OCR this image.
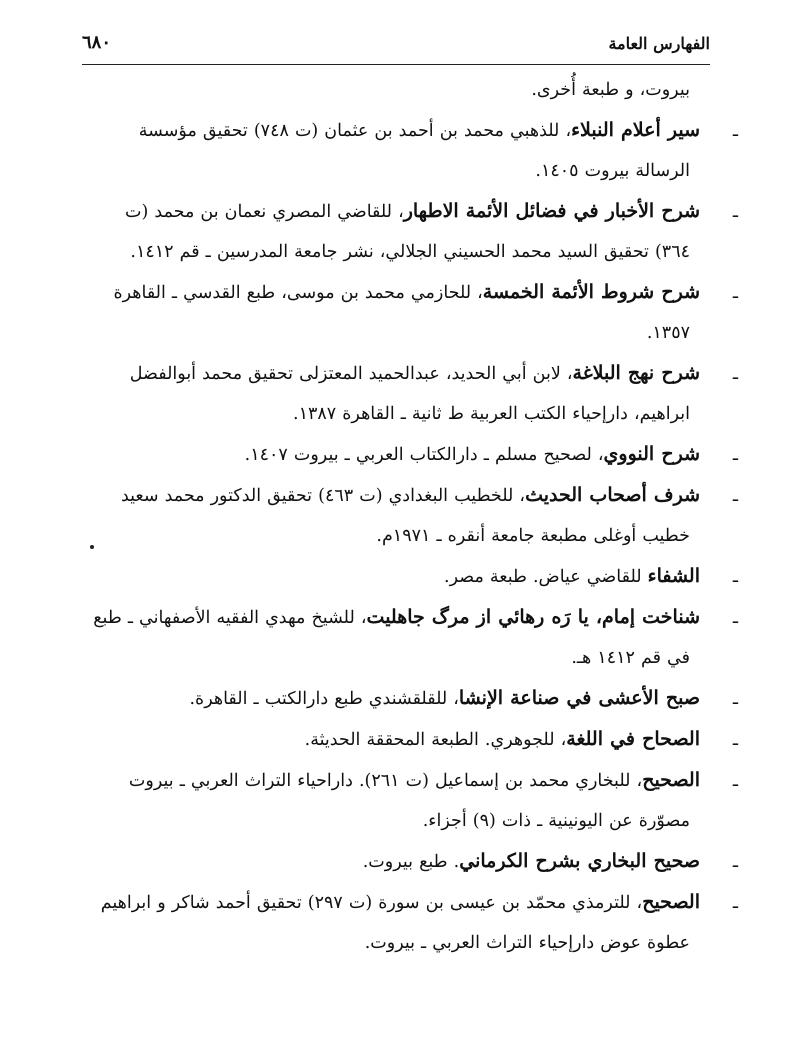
الفهارس العامة
٦٨٠
بيروت، و طبعة أُخرى.
ـسير أعلام النبلاء، للذهبي محمد بن أحمد بن عثمان (ت ٧٤٨) تحقيق مؤسسة الرسالة بيروت ١٤٠٥.
ـشرح الأخبار في فضائل الأئمة الاطهار، للقاضي المصري نعمان بن محمد (ت ٣٦٤) تحقيق السيد محمد الحسيني الجلالي، نشر جامعة المدرسين ـ قم ١٤١٢.
ـشرح شروط الأئمة الخمسة، للحازمي محمد بن موسى، طبع القدسي ـ القاهرة ١٣٥٧.
ـشرح نهج البلاغة، لابن أبي الحديد، عبدالحميد المعتزلى تحقيق محمد أبوالفضل ابراهيم، دارإحياء الكتب العربية ط ثانية ـ القاهرة ١٣٨٧.
ـشرح النووي، لصحيح مسلم ـ دارالكتاب العربي ـ بيروت ١٤٠٧.
ـشرف أصحاب الحديث، للخطيب البغدادي (ت ٤٦٣) تحقيق الدكتور محمد سعيد خطيب أوغلى مطبعة جامعة أنقره ـ ١٩٧١م.
ـالشفاء للقاضي عياض. طبعة مصر.
ـشناخت إمام، يا رَه رهائي از مرگ جاهليت، للشيخ مهدي الفقيه الأصفهاني ـ طبع في قم ١٤١٢ هـ.
ـصبح الأعشى في صناعة الإنشا، للقلقشندي طبع دارالكتب ـ القاهرة.
ـالصحاح في اللغة، للجوهري. الطبعة المحققة الحديثة.
ـالصحيح، للبخاري محمد بن إسماعيل (ت ٢٦١). داراحياء التراث العربي ـ بيروت مصوّرة عن اليونينية ـ ذات (٩) أجزاء.
ـصحيح البخاري بشرح الكرماني. طبع بيروت.
ـالصحيح، للترمذي محمّد بن عيسى بن سورة (ت ٢٩٧) تحقيق أحمد شاكر و ابراهيم عطوة عوض دارإحياء التراث العربي ـ بيروت.
